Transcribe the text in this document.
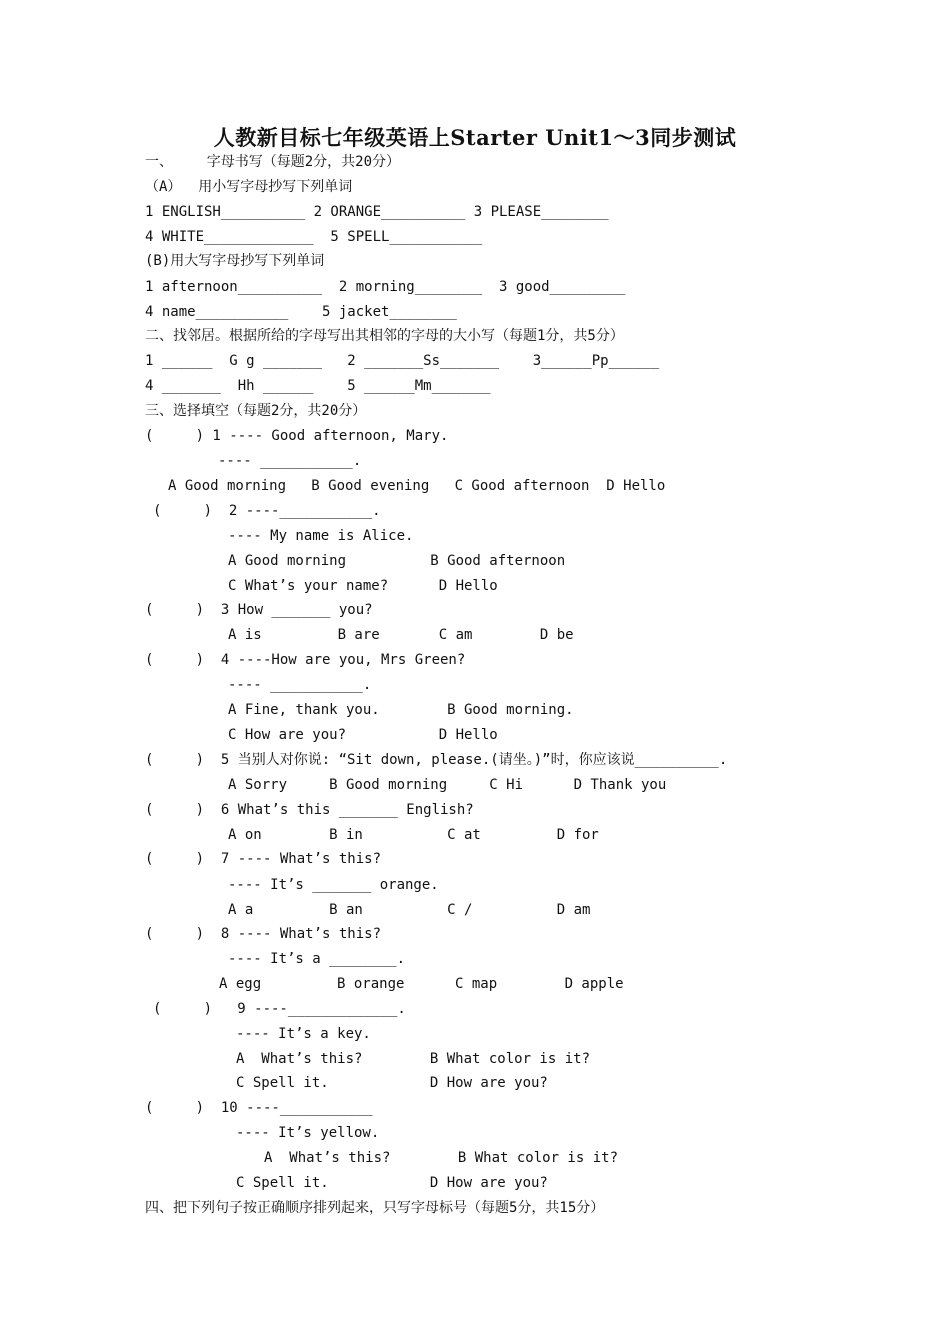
人教新目标七年级英语上Starter Unit1～3同步测试
一、    字母书写（每题2分，共20分）
（A）  用小写字母抄写下列单词
1 ENGLISH__________ 2 ORANGE__________ 3 PLEASE________
4 WHITE_____________  5 SPELL___________
(B)用大写字母抄写下列单词
1 afternoon__________  2 morning________  3 good_________
4 name___________    5 jacket________
二、找邻居。根据所给的字母写出其相邻的字母的大小写（每题1分，共5分）
1 ______  G g _______   2 _______Ss_______    3______Pp______
4 _______  Hh ______    5 ______Mm_______
三、选择填空（每题2分，共20分）
(     ) 1 ---- Good afternoon, Mary.
---- ___________.
A Good morning   B Good evening   C Good afternoon  D Hello
(     )  2 ----___________.
---- My name is Alice.
A Good morning          B Good afternoon
C What’s your name?      D Hello
(     )  3 How _______ you?
A is         B are       C am        D be
(     )  4 ----How are you, Mrs Green?
---- ___________.
A Fine, thank you.        B Good morning.
C How are you?           D Hello
(     )  5 当别人对你说: “Sit down, please.(请坐。)”时，你应该说__________.
A Sorry     B Good morning     C Hi      D Thank you
(     )  6 What’s this _______ English?
A on        B in          C at         D for
(     )  7 ---- What’s this?
---- It’s _______ orange.
A a         B an          C /          D am
(     )  8 ---- What’s this?
---- It’s a ________.
A egg         B orange      C map        D apple
(     )   9 ----_____________.
---- It’s a key.
A  What’s this?        B What color is it?
C Spell it.            D How are you?
(     )  10 ----___________
---- It’s yellow.
A  What’s this?        B What color is it?
C Spell it.            D How are you?
四、把下列句子按正确顺序排列起来，只写字母标号（每题5分，共15分）
